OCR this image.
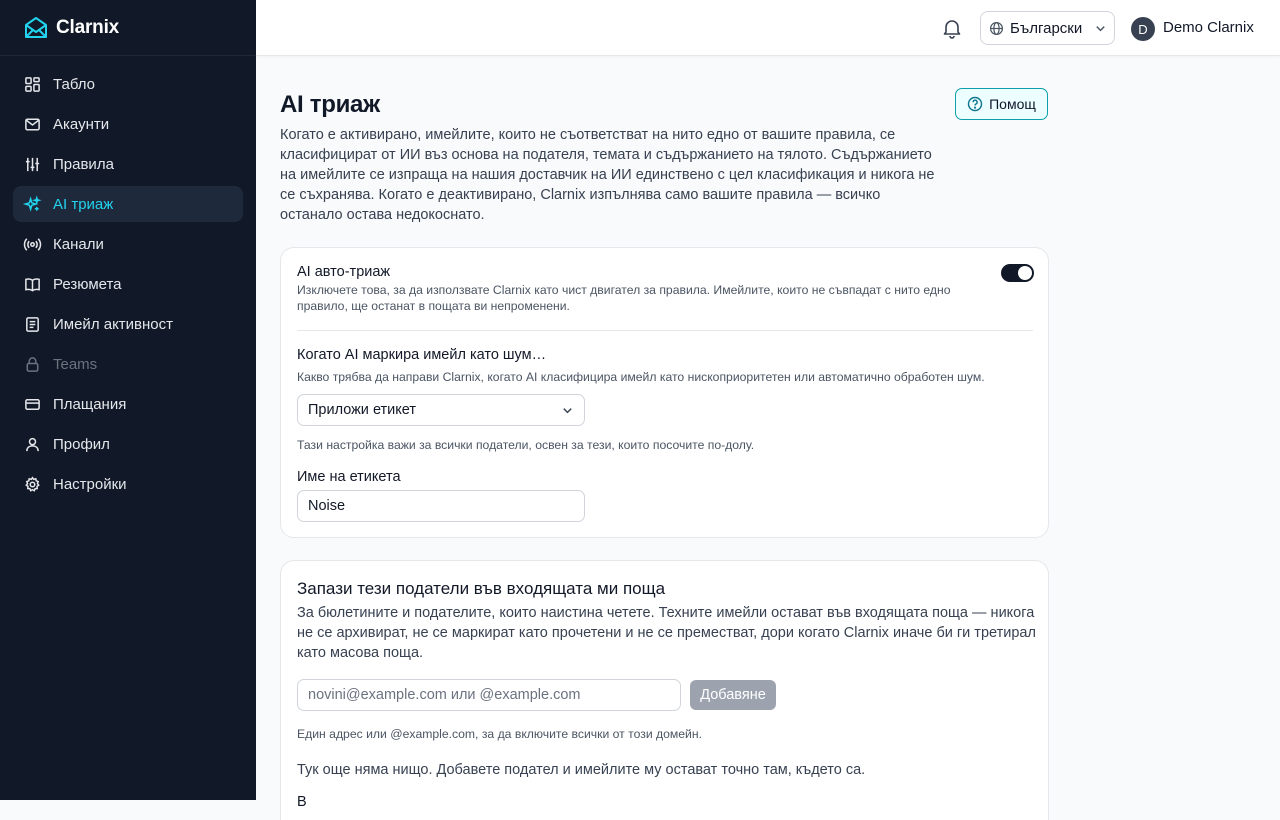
Clarnix
Табло
Акаунти
Правила
AI триаж
Канали
Резюмета
Имейл активност
Teams
Плащания
Профил
Настройки
Български	D	Demo Clarnix
AI триаж	Помощ

Когато е активирано, имейлите, които не съответстват на нито едно от вашите правила, се класифицират от ИИ въз основа на подателя, темата и съдържанието на тялото. Съдържанието на имейлите се изпраща на нашия доставчик на ИИ единствено с цел класификация и никога не се съхранява. Когато е деактивирано, Clarnix изпълнява само вашите правила — всичко останало остава недокоснато.

AI авто-триаж
Изключете това, за да използвате Clarnix като чист двигател за правила. Имейлите, които не съвпадат с нито едно правило, ще останат в пощата ви непроменени.
Когато AI маркира имейл като шум…
Какво трябва да направи Clarnix, когато AI класифицира имейл като нископриоритетен или автоматично обработен шум.
Приложи етикет
Тази настройка важи за всички податели, освен за тези, които посочите по-долу.
Име на етикета
Noise
Запази тези податели във входящата ми поща

За бюлетините и подателите, които наистина четете. Техните имейли остават във входящата поща — никога не се архивират, не се маркират като прочетени и не се преместват, дори когато Clarnix иначе би ги третирал като масова поща.

novini@example.com или @example.com
Добавяне
Един адрес или @example.com, за да включите всички от този домейн.
Тук още няма нищо. Добавете подател и имейлите му остават точно там, където са.
В
